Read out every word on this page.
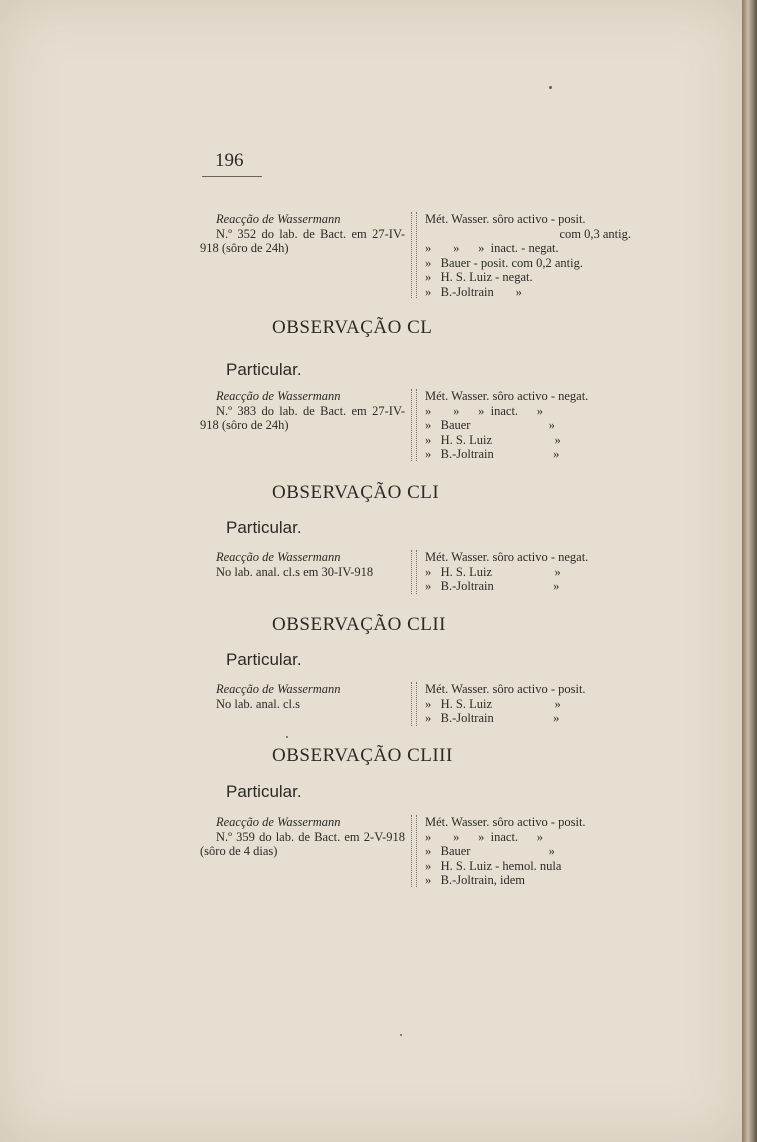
196
Reacção de Wassermann
N.º 352 do lab. de Bact. em 27-IV-918 (sôro de 24h)
Mét. Wasser. sôro activo - posit.
com 0,3 antig.
»       »      »  inact. - negat.
»   Bauer - posit. com 0,2 antig.
»   H. S. Luiz - negat.
»   B.-Joltrain       »
OBSERVAÇÃO CL
Particular.
Reacção de Wassermann
N.º 383 do lab. de Bact. em 27-IV-918 (sôro de 24h)
Mét. Wasser. sôro activo - negat.
»       »      »  inact.      »
»   Bauer                         »
»   H. S. Luiz                    »
»   B.-Joltrain                   »
OBSERVAÇÃO CLI
Particular.
Reacção de Wassermann
No lab. anal. cl.s em 30-IV-918
Mét. Wasser. sôro activo - negat.
»   H. S. Luiz                    »
»   B.-Joltrain                   »
OBSERVAÇÃO CLII
Particular.
Reacção de Wassermann
No lab. anal. cl.s
Mét. Wasser. sôro activo - posit.
»   H. S. Luiz                    »
»   B.-Joltrain                   »
OBSERVAÇÃO CLIII
Particular.
Reacção de Wassermann
N.º 359 do lab. de Bact. em 2-V-918 (sôro de 4 dias)
Mét. Wasser. sôro activo - posit.
»       »      »  inact.      »
»   Bauer                         »
»   H. S. Luiz - hemol. nula
»   B.-Joltrain, idem
